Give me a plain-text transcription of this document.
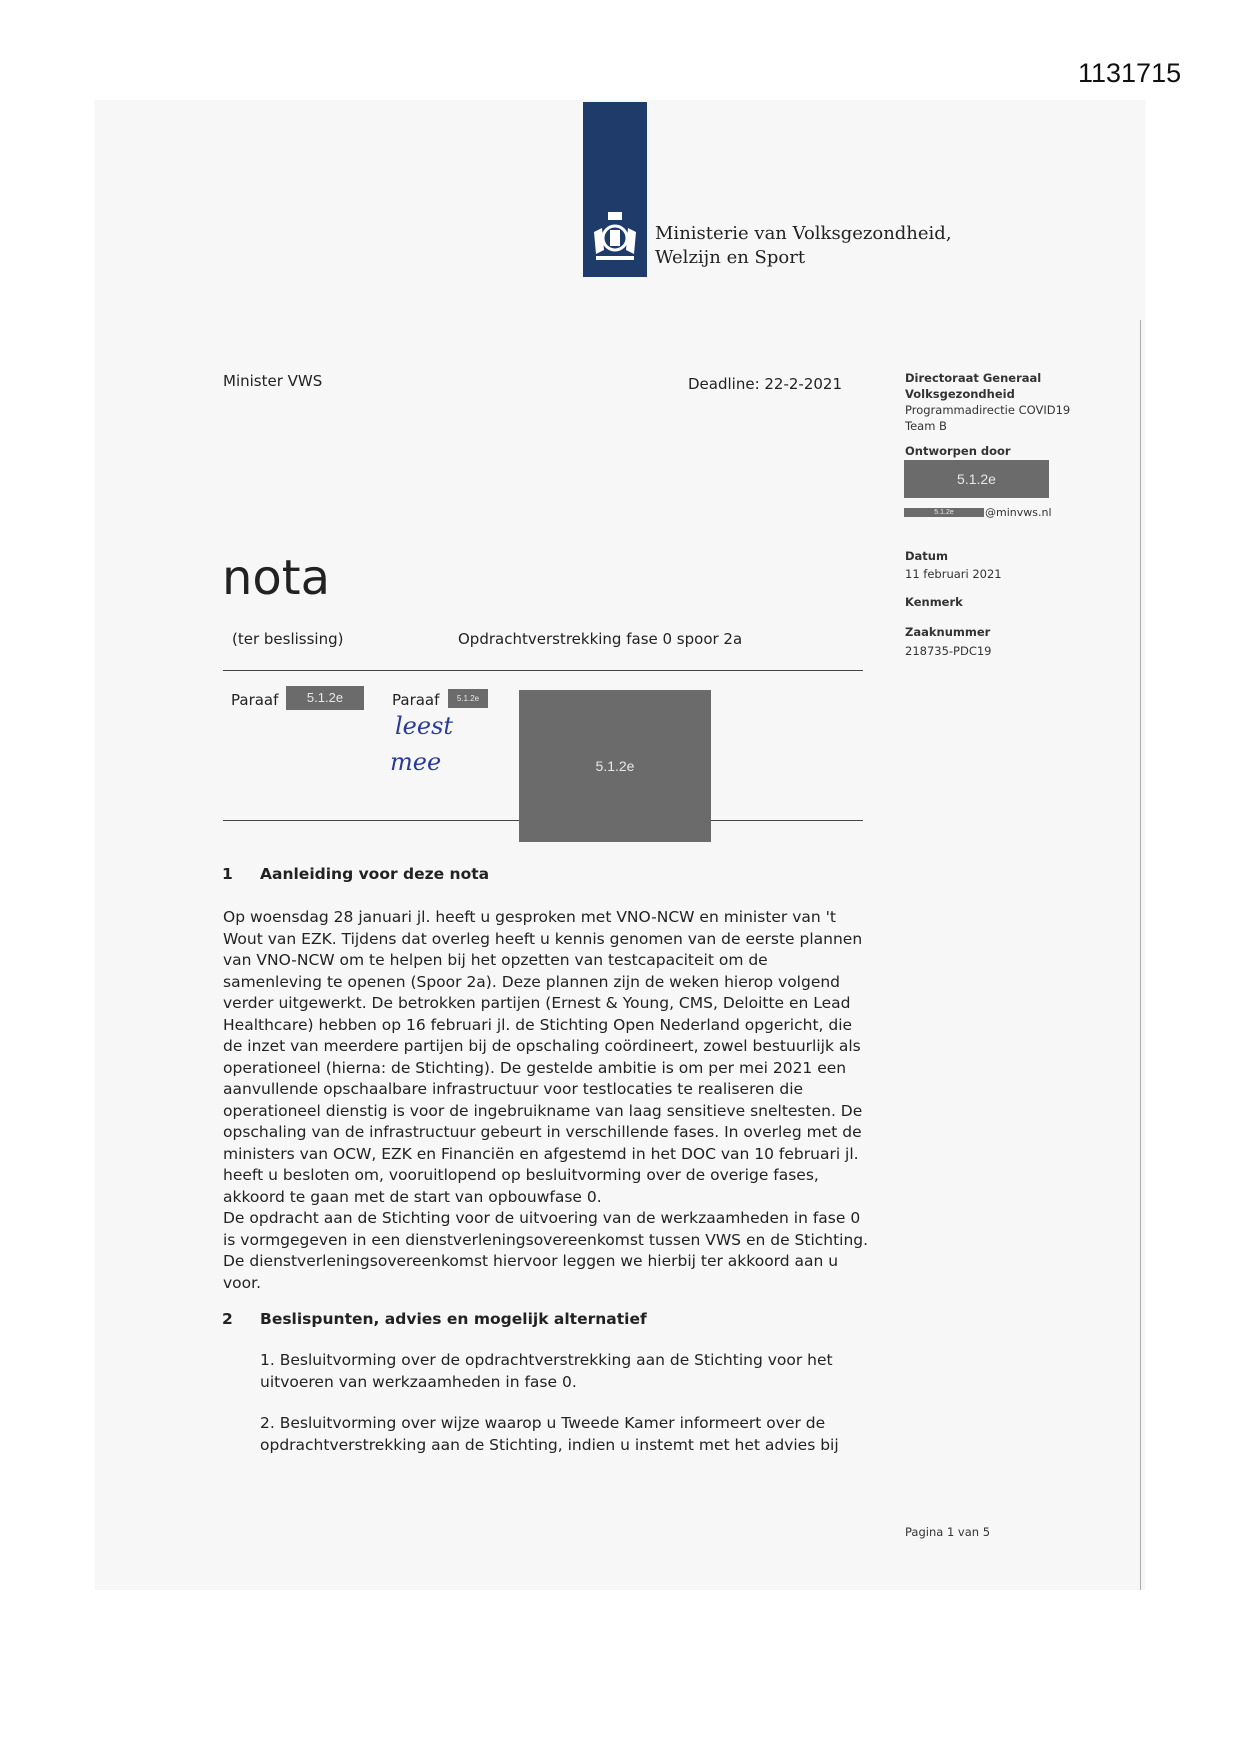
1131715
Ministerie van Volksgezondheid,
Welzijn en Sport
Minister VWS	Deadline: 22-2-2021	Directoraat Generaal
Volksgezondheid
Programmadirectie COVID19
Team B
Ontworpen door
5.1.2e
5.1.2e	@minvws.nl
Datum
11 februari 2021
Kenmerk
Zaaknummer
218735-PDC19
nota
(ter beslissing)	Opdrachtverstrekking fase 0 spoor 2a
Paraaf	5.1.2e	Paraaf	5.1.2e
leest
mee	5.1.2e
1 Aanleiding voor deze nota
Op woensdag 28 januari jl. heeft u gesproken met VNO-NCW en minister van 't
Wout van EZK. Tijdens dat overleg heeft u kennis genomen van de eerste plannen
van VNO-NCW om te helpen bij het opzetten van testcapaciteit om de
samenleving te openen (Spoor 2a). Deze plannen zijn de weken hierop volgend
verder uitgewerkt. De betrokken partijen (Ernest & Young, CMS, Deloitte en Lead
Healthcare) hebben op 16 februari jl. de Stichting Open Nederland opgericht, die
de inzet van meerdere partijen bij de opschaling coördineert, zowel bestuurlijk als
operationeel (hierna: de Stichting). De gestelde ambitie is om per mei 2021 een
aanvullende opschaalbare infrastructuur voor testlocaties te realiseren die
operationeel dienstig is voor de ingebruikname van laag sensitieve sneltesten. De
opschaling van de infrastructuur gebeurt in verschillende fases. In overleg met de
ministers van OCW, EZK en Financiën en afgestemd in het DOC van 10 februari jl.
heeft u besloten om, vooruitlopend op besluitvorming over de overige fases,
akkoord te gaan met de start van opbouwfase 0.
De opdracht aan de Stichting voor de uitvoering van de werkzaamheden in fase 0
is vormgegeven in een dienstverleningsovereenkomst tussen VWS en de Stichting.
De dienstverleningsovereenkomst hiervoor leggen we hierbij ter akkoord aan u
voor.
2 Beslispunten, advies en mogelijk alternatief
1. Besluitvorming over de opdrachtverstrekking aan de Stichting voor het
uitvoeren van werkzaamheden in fase 0.
2. Besluitvorming over wijze waarop u Tweede Kamer informeert over de
opdrachtverstrekking aan de Stichting, indien u instemt met het advies bij
Pagina 1 van 5
